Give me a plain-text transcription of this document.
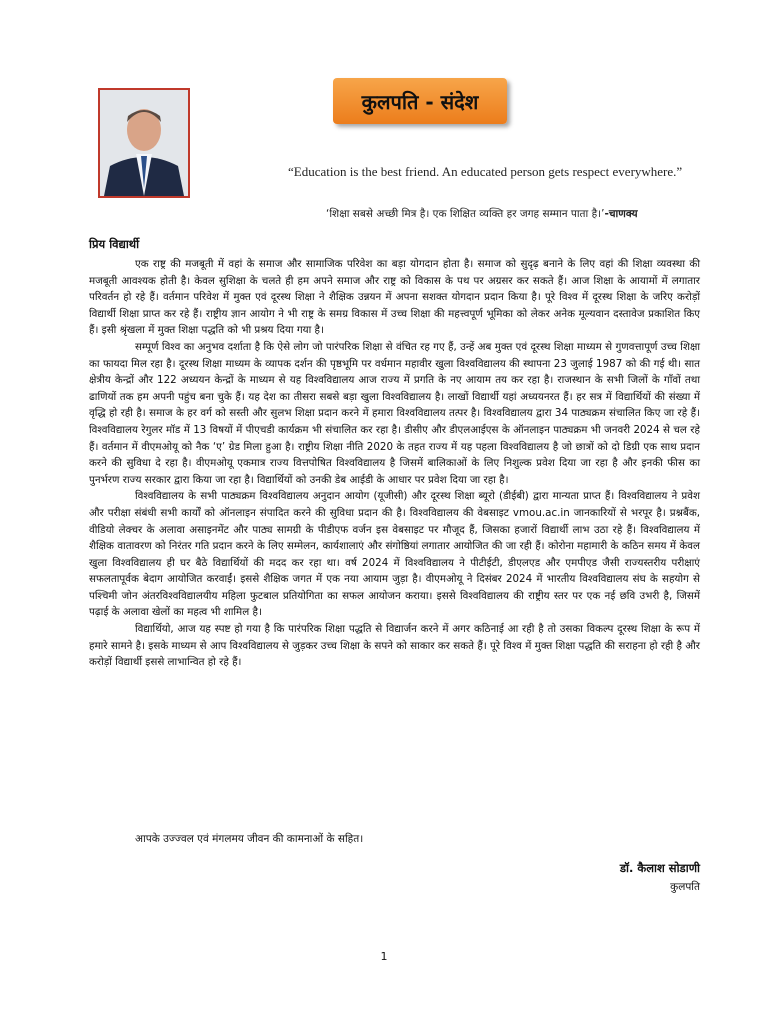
कुलपति - संदेश
“Education is the best friend. An educated person gets respect everywhere.”
‘शिक्षा सबसे अच्छी मित्र है। एक शिक्षित व्यक्ति हर जगह सम्मान पाता है।’-चाणक्य
प्रिय विद्यार्थी

एक राष्ट्र की मजबूती में वहां के समाज और सामाजिक परिवेश का बड़ा योगदान होता है। समाज को सुदृढ़ बनाने के लिए वहां की शिक्षा व्यवस्था की मजबूती आवश्यक होती है। केवल सुशिक्षा के चलते ही हम अपने समाज और राष्ट्र को विकास के पथ पर अग्रसर कर सकते हैं। आज शिक्षा के आयामों में लगातार परिवर्तन हो रहे हैं। वर्तमान परिवेश में मुक्त एवं दूरस्थ शिक्षा ने शैक्षिक उन्नयन में अपना सशक्त योगदान प्रदान किया है। पूरे विश्व में दूरस्थ शिक्षा के जरिए करोड़ों विद्यार्थी शिक्षा प्राप्त कर रहे हैं। राष्ट्रीय ज्ञान आयोग ने भी राष्ट्र के समग्र विकास में उच्च शिक्षा की महत्त्वपूर्ण भूमिका को लेकर अनेक मूल्यवान दस्तावेज प्रकाशित किए हैं। इसी श्रृंखला में मुक्त शिक्षा पद्धति को भी प्रश्रय दिया गया है।

सम्पूर्ण विश्व का अनुभव दर्शाता है कि ऐसे लोग जो पारंपरिक शिक्षा से वंचित रह गए हैं, उन्हें अब मुक्त एवं दूरस्थ शिक्षा माध्यम से गुणवत्तापूर्ण उच्च शिक्षा का फायदा मिल रहा है। दूरस्थ शिक्षा माध्यम के व्यापक दर्शन की पृष्ठभूमि पर वर्धमान महावीर खुला विश्वविद्यालय की स्थापना 23 जुलाई 1987 को की गई थी। सात क्षेत्रीय केन्द्रों और 122 अध्ययन केन्द्रों के माध्यम से यह विश्वविद्यालय आज राज्य में प्रगति के नए आयाम तय कर रहा है। राजस्थान के सभी जिलों के गाँवों तथा ढाणियों तक हम अपनी पहुंच बना चुके हैं। यह देश का तीसरा सबसे बड़ा खुला विश्वविद्यालय है। लाखों विद्यार्थी यहां अध्ययनरत हैं। हर सत्र में विद्यार्थियों की संख्या में वृद्धि हो रही है। समाज के हर वर्ग को सस्ती और सुलभ शिक्षा प्रदान करने में हमारा विश्वविद्यालय तत्पर है। विश्वविद्यालय द्वारा 34 पाठ्यक्रम संचालित किए जा रहे हैं। विश्वविद्यालय रेगुलर मॉड में 13 विषयों में पीएचडी कार्यक्रम भी संचालित कर रहा है। डीसीए और डीएलआईएस के ऑनलाइन पाठ्यक्रम भी जनवरी 2024 से चल रहे हैं। वर्तमान में वीएमओयू को नैक ‘ए’ ग्रेड मिला हुआ है। राष्ट्रीय शिक्षा नीति 2020 के तहत राज्य में यह पहला विश्वविद्यालय है जो छात्रों को दो डिग्री एक साथ प्रदान करने की सुविधा दे रहा है। वीएमओयू एकमात्र राज्य वित्तपोषित विश्वविद्यालय है जिसमें बालिकाओं के लिए निशुल्क प्रवेश दिया जा रहा है और इनकी फीस का पुनर्भरण राज्य सरकार द्वारा किया जा रहा है। विद्यार्थियों को उनकी डेब आईडी के आधार पर प्रवेश दिया जा रहा है।

विश्वविद्यालय के सभी पाठ्यक्रम विश्वविद्यालय अनुदान आयोग (यूजीसी) और दूरस्थ शिक्षा ब्यूरो (डीईबी) द्वारा मान्यता प्राप्त हैं। विश्वविद्यालय ने प्रवेश और परीक्षा संबंधी सभी कार्यों को ऑनलाइन संपादित करने की सुविधा प्रदान की है। विश्वविद्यालय की वेबसाइट vmou.ac.in जानकारियों से भरपूर है। प्रश्नबैंक, वीडियो लेक्चर के अलावा असाइनमेंट और पाठ्य सामग्री के पीडीएफ वर्जन इस वेबसाइट पर मौजूद हैं, जिसका हजारों विद्यार्थी लाभ उठा रहे हैं। विश्वविद्यालय में शैक्षिक वातावरण को निरंतर गति प्रदान करने के लिए सम्मेलन, कार्यशालाएं और संगोष्ठियां लगातार आयोजित की जा रही हैं। कोरोना महामारी के कठिन समय में केवल खुला विश्वविद्यालय ही घर बैठे विद्यार्थियों की मदद कर रहा था। वर्ष 2024 में विश्वविद्यालय ने पीटीईटी, डीएलएड और एमपीएड जैसी राज्यस्तरीय परीक्षाएं सफलतापूर्वक बेदाग आयोजित करवाईं। इससे शैक्षिक जगत में एक नया आयाम जुड़ा है। वीएमओयू ने दिसंबर 2024 में भारतीय विश्वविद्यालय संघ के सहयोग से पश्चिमी जोन अंतरविश्वविद्यालयीय महिला फुटबाल प्रतियोगिता का सफल आयोजन कराया। इससे विश्वविद्यालय की राष्ट्रीय स्तर पर एक नई छवि उभरी है, जिसमें पढ़ाई के अलावा खेलों का महत्व भी शामिल है।

विद्यार्थियो, आज यह स्पष्ट हो गया है कि पारंपरिक शिक्षा पद्धति से विद्यार्जन करने में अगर कठिनाई आ रही है तो उसका विकल्प दूरस्थ शिक्षा के रूप में हमारे सामने है। इसके माध्यम से आप विश्वविद्यालय से जुड़कर उच्च शिक्षा के सपने को साकार कर सकते हैं। पूरे विश्व में मुक्त शिक्षा पद्धति की सराहना हो रही है और करोड़ों विद्यार्थी इससे लाभान्वित हो रहे हैं।

आपके उज्ज्वल एवं मंगलमय जीवन की कामनाओं के सहित।
डॉ. कैलाश सोडाणी
कुलपति
1
